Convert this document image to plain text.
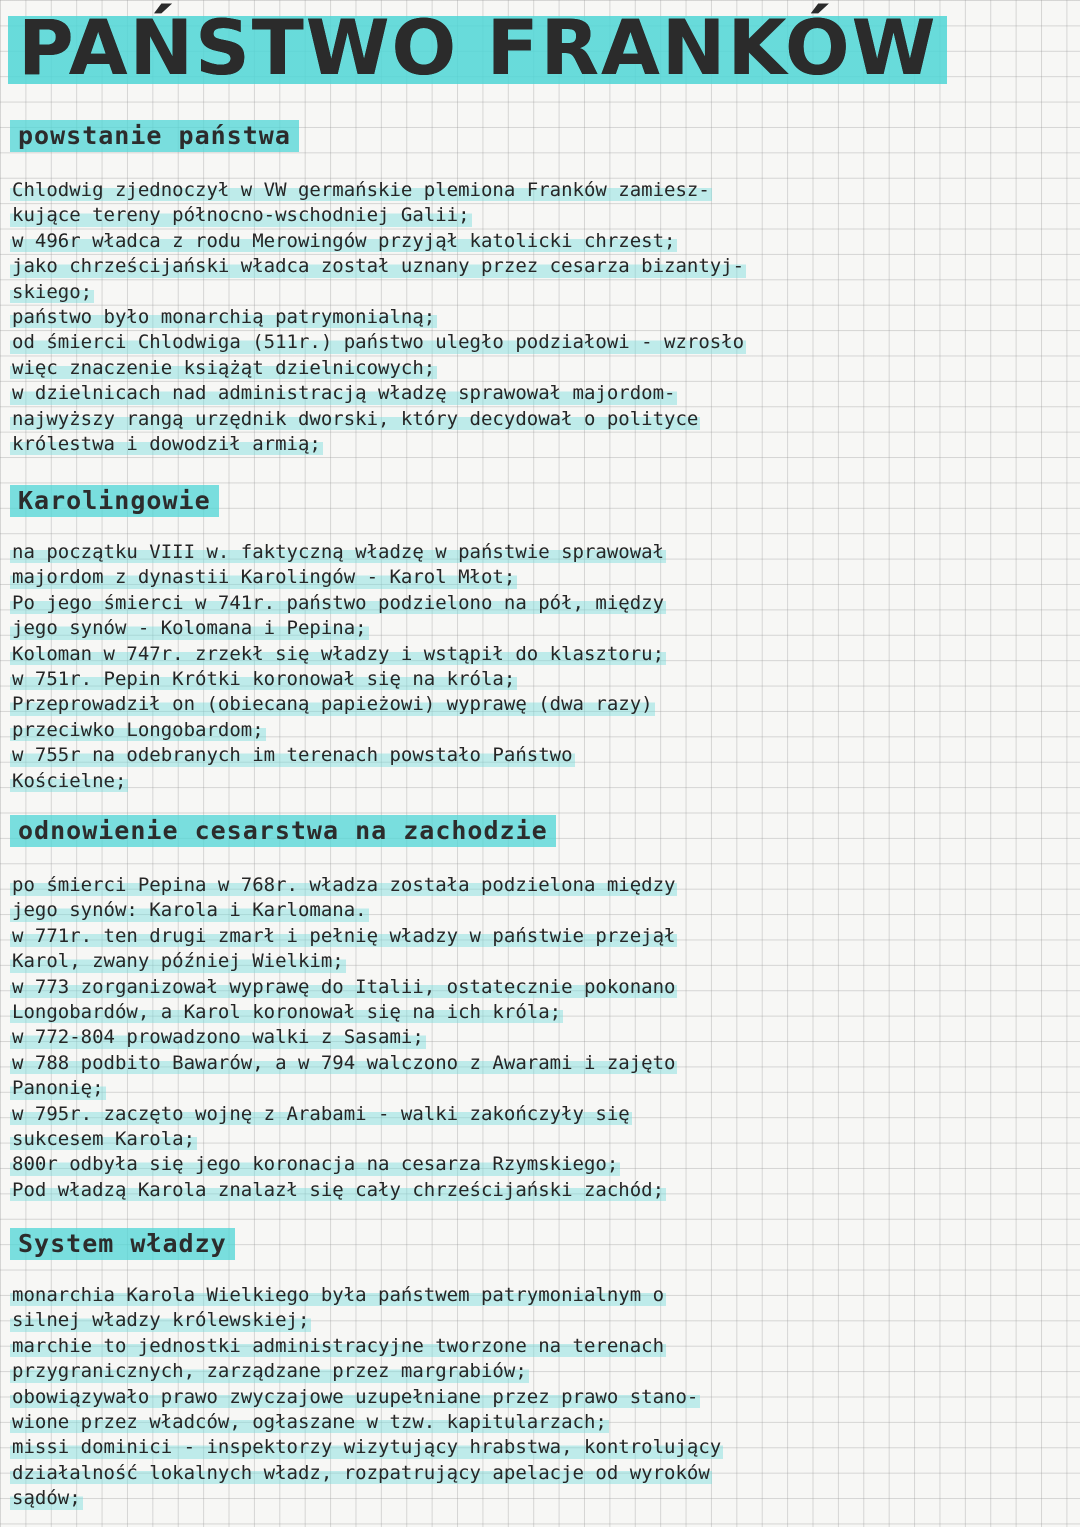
PAŃSTWO FRANKÓW
powstanie państwa
Chlodwig zjednoczył w VW germańskie plemiona Franków zamiesz-
kujące tereny północno-wschodniej Galii;
w 496r władca z rodu Merowingów przyjął katolicki chrzest;
jako chrześcijański władca został uznany przez cesarza bizantyj-
skiego;
państwo było monarchią patrymonialną;
od śmierci Chlodwiga (511r.) państwo uległo podziałowi - wzrosło
więc znaczenie książąt dzielnicowych;
w dzielnicach nad administracją władzę sprawował majordom-
najwyższy rangą urzędnik dworski, który decydował o polityce
królestwa i dowodził armią;
Karolingowie
na początku VIII w. faktyczną władzę w państwie sprawował
majordom z dynastii Karolingów - Karol Młot;
Po jego śmierci w 741r. państwo podzielono na pół, między
jego synów - Kolomana i Pepina;
Koloman w 747r. zrzekł się władzy i wstąpił do klasztoru;
w 751r. Pepin Krótki koronował się na króla;
Przeprowadził on (obiecaną papieżowi) wyprawę (dwa razy)
przeciwko Longobardom;
w 755r na odebranych im terenach powstało Państwo
Kościelne;
odnowienie cesarstwa na zachodzie
po śmierci Pepina w 768r. władza została podzielona między
jego synów: Karola i Karlomana.
w 771r. ten drugi zmarł i pełnię władzy w państwie przejął
Karol, zwany później Wielkim;
w 773 zorganizował wyprawę do Italii, ostatecznie pokonano
Longobardów, a Karol koronował się na ich króla;
w 772-804 prowadzono walki z Sasami;
w 788 podbito Bawarów, a w 794 walczono z Awarami i zajęto
Panonię;
w 795r. zaczęto wojnę z Arabami - walki zakończyły się
sukcesem Karola;
800r odbyła się jego koronacja na cesarza Rzymskiego;
Pod władzą Karola znalazł się cały chrześcijański zachód;
System władzy
monarchia Karola Wielkiego była państwem patrymonialnym o
silnej władzy królewskiej;
marchie to jednostki administracyjne tworzone na terenach
przygranicznych, zarządzane przez margrabiów;
obowiązywało prawo zwyczajowe uzupełniane przez prawo stano-
wione przez władców, ogłaszane w tzw. kapitularzach;
missi dominici - inspektorzy wizytujący hrabstwa, kontrolujący
działalność lokalnych władz, rozpatrujący apelacje od wyroków
sądów;
